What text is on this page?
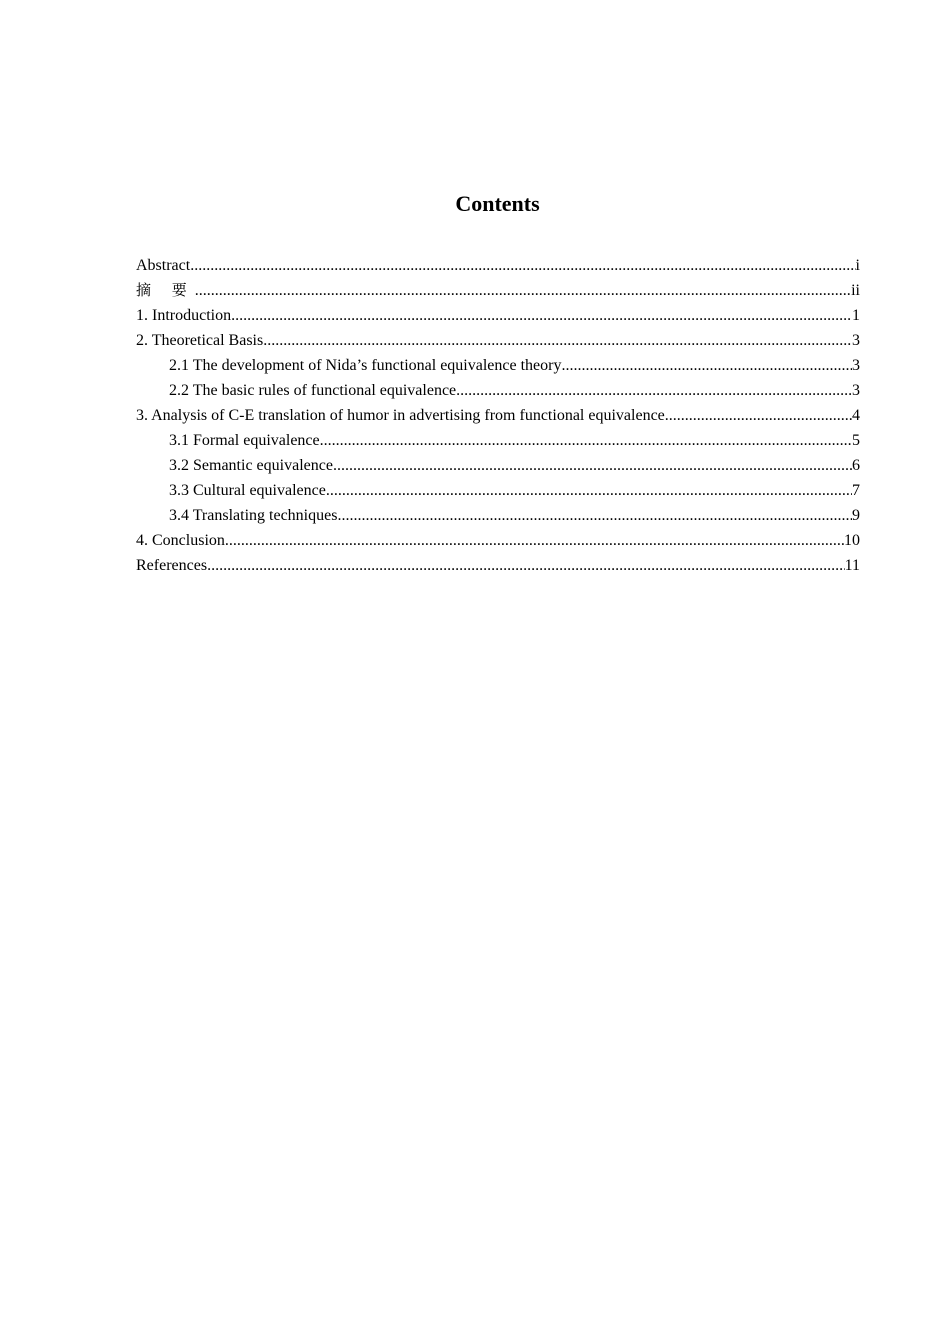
Contents
Abstract .....	i
摘 要 .....	ii
1. Introduction .....	1
2. Theoretical Basis .....	3
2.1 The development of Nida’s functional equivalence theory .....	3
2.2 The basic rules of functional equivalence .....	3
3. Analysis of C-E translation of humor in advertising from functional equivalence .....	4
3.1 Formal equivalence .....	5
3.2 Semantic equivalence .....	6
3.3 Cultural equivalence .....	7
3.4 Translating techniques .....	9
4. Conclusion .....	10
References .....	11
